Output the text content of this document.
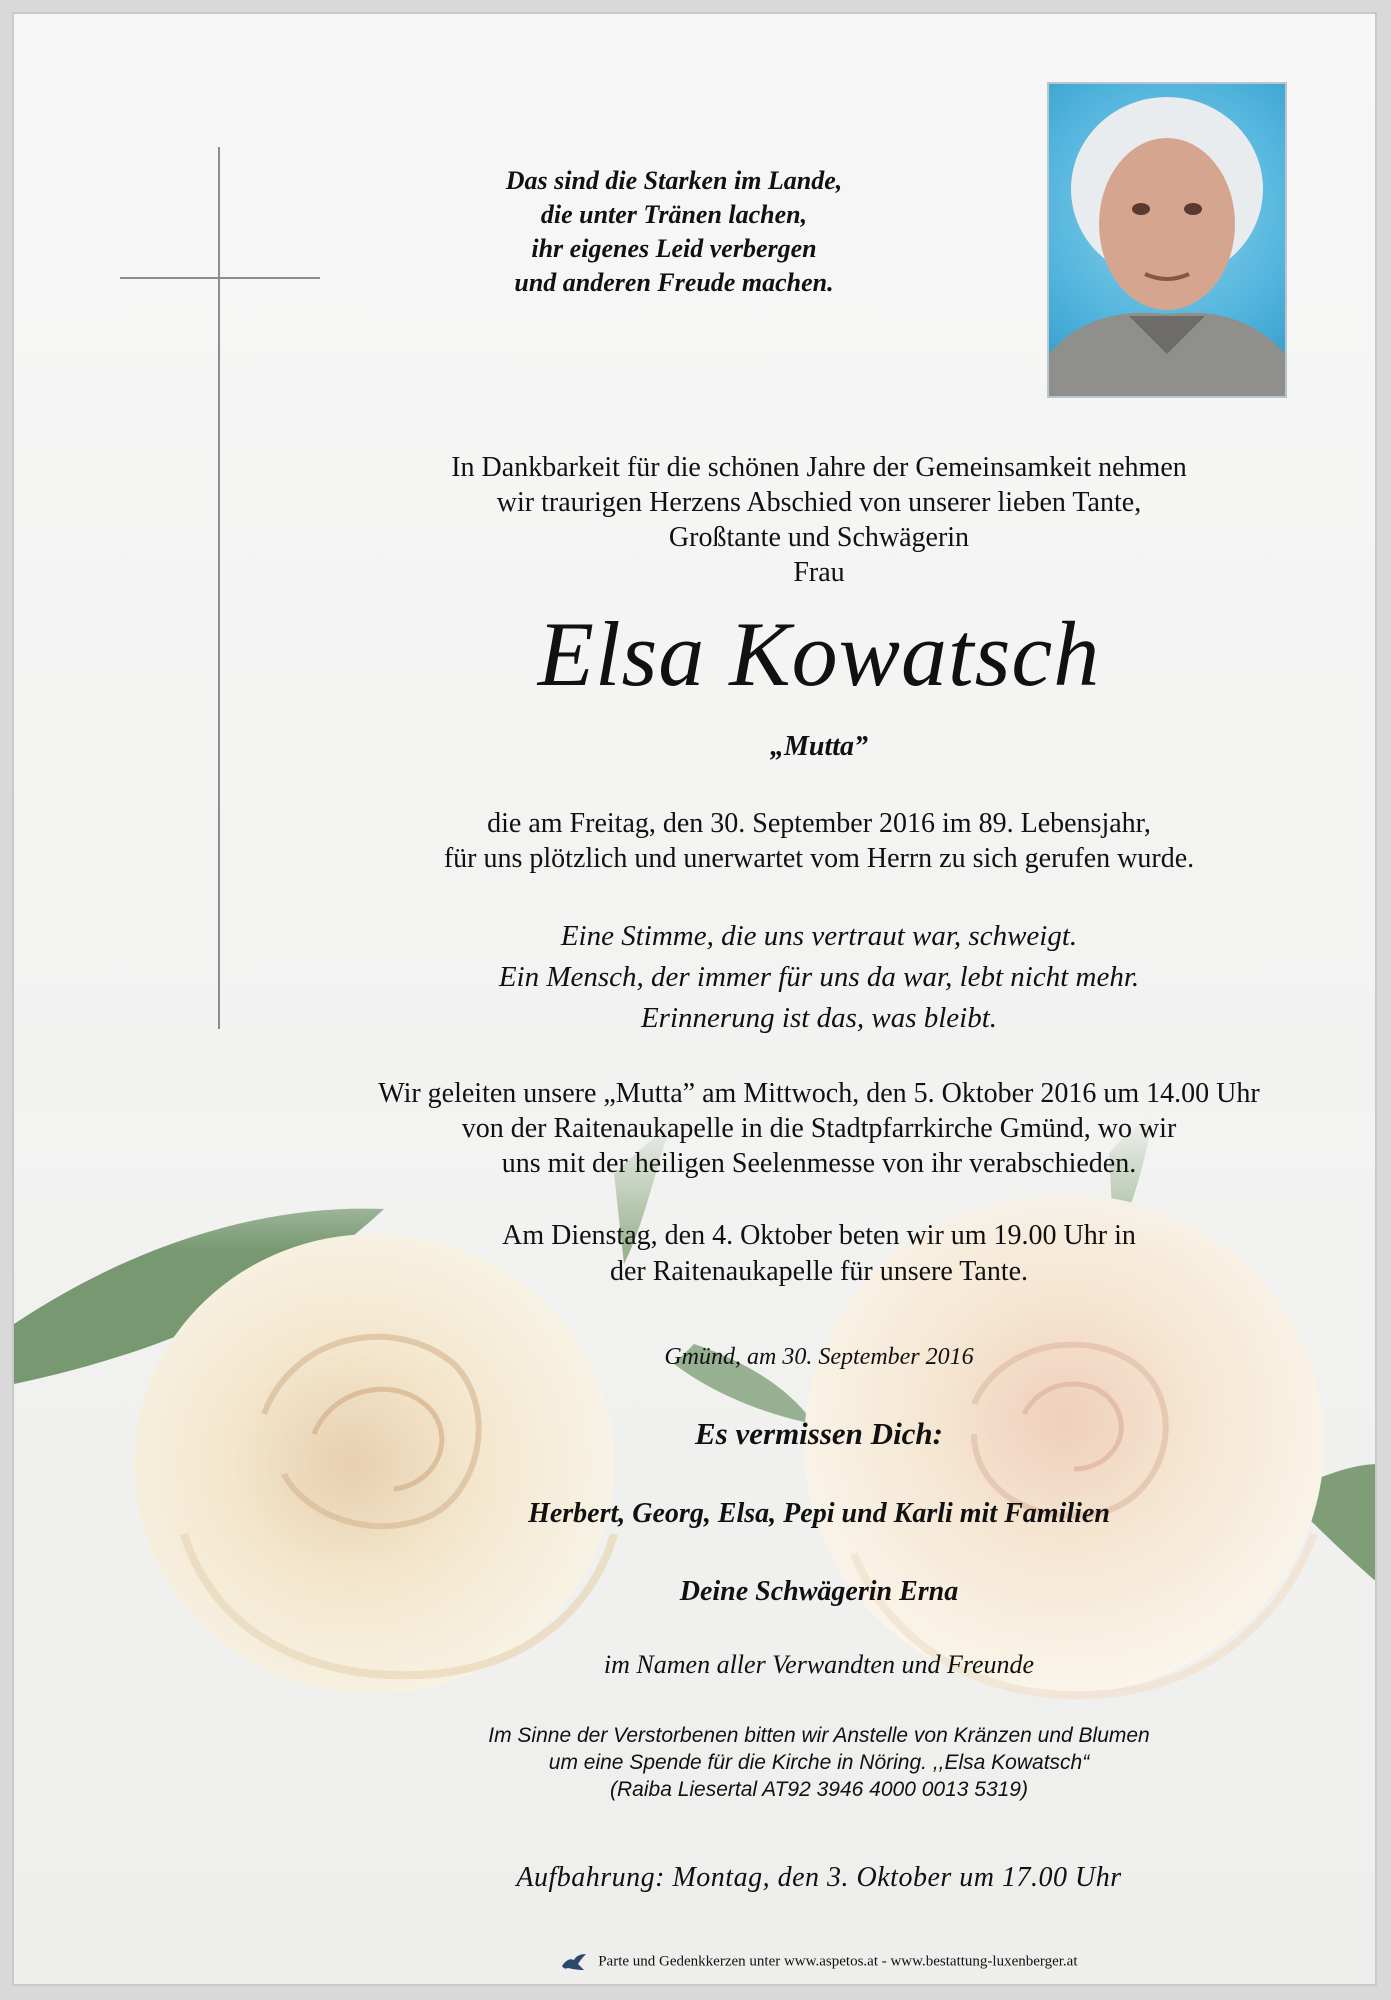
Das sind die Starken im Lande,
die unter Tränen lachen,
ihr eigenes Leid verbergen
und anderen Freude machen.
In Dankbarkeit für die schönen Jahre der Gemeinsamkeit nehmen
wir traurigen Herzens Abschied von unserer lieben Tante,
Großtante und Schwägerin
Frau
Elsa Kowatsch
„Mutta”
die am Freitag, den 30. September 2016 im 89. Lebensjahr,
für uns plötzlich und unerwartet vom Herrn zu sich gerufen wurde.
Eine Stimme, die uns vertraut war, schweigt.
Ein Mensch, der immer für uns da war, lebt nicht mehr.
Erinnerung ist das, was bleibt.
Wir geleiten unsere „Mutta” am Mittwoch, den 5. Oktober 2016 um 14.00 Uhr
von der Raitenaukapelle in die Stadtpfarrkirche Gmünd, wo wir
uns mit der heiligen Seelenmesse von ihr verabschieden.
Am Dienstag, den 4. Oktober beten wir um 19.00 Uhr in
der Raitenaukapelle für unsere Tante.
Gmünd, am 30. September 2016
Es vermissen Dich:
Herbert, Georg, Elsa, Pepi und Karli mit Familien
Deine Schwägerin Erna
im Namen aller Verwandten und Freunde
Im Sinne der Verstorbenen bitten wir Anstelle von Kränzen und Blumen
um eine Spende für die Kirche in Nöring. ,,Elsa Kowatsch“
(Raiba Liesertal AT92 3946 4000 0013 5319)
Aufbahrung: Montag, den 3. Oktober um 17.00 Uhr
Parte und Gedenkkerzen unter www.aspetos.at - www.bestattung-luxenberger.at
